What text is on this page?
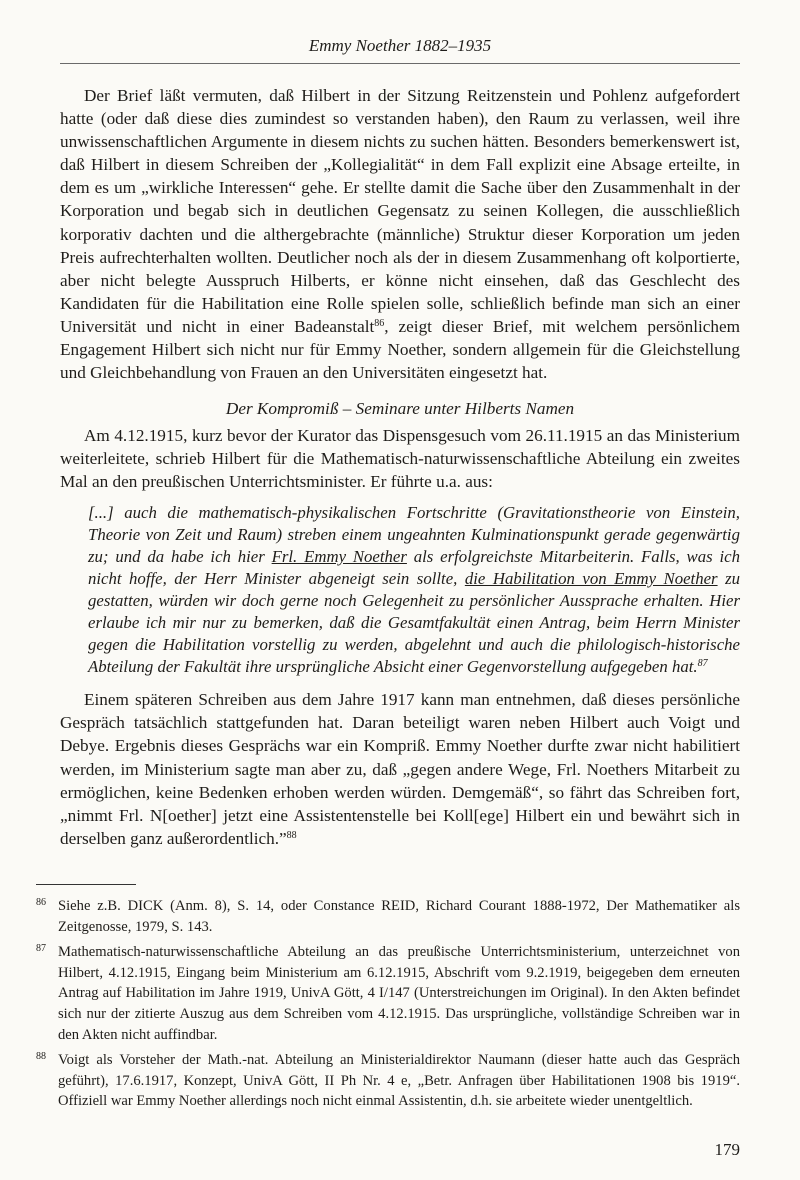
Emmy Noether 1882–1935

Der Brief läßt vermuten, daß Hilbert in der Sitzung Reitzenstein und Pohlenz aufgefordert hatte (oder daß diese dies zumindest so verstanden haben), den Raum zu verlassen, weil ihre unwissenschaftlichen Argumente in diesem nichts zu suchen hätten. Besonders bemerkenswert ist, daß Hilbert in diesem Schreiben der „Kollegialität“ in dem Fall explizit eine Absage erteilte, in dem es um „wirkliche Interessen“ gehe. Er stellte damit die Sache über den Zusammenhalt in der Korporation und begab sich in deutlichen Gegensatz zu seinen Kollegen, die ausschließlich korporativ dachten und die althergebrachte (männliche) Struktur dieser Korporation um jeden Preis aufrechterhalten wollten. Deutlicher noch als der in diesem Zusammenhang oft kolportierte, aber nicht belegte Ausspruch Hilberts, er könne nicht einsehen, daß das Geschlecht des Kandidaten für die Habilitation eine Rolle spielen solle, schließlich befinde man sich an einer Universität und nicht in einer Badeanstalt$^{86}$, zeigt dieser Brief, mit welchem persönlichem Engagement Hilbert sich nicht nur für Emmy Noether, sondern allgemein für die Gleichstellung und Gleichbehandlung von Frauen an den Universitäten eingesetzt hat.

Der Kompromiß – Seminare unter Hilberts Namen

Am 4.12.1915, kurz bevor der Kurator das Dispensgesuch vom 26.11.1915 an das Ministerium weiterleitete, schrieb Hilbert für die Mathematisch-naturwissenschaftliche Abteilung ein zweites Mal an den preußischen Unterrichtsminister. Er führte u.a. aus:

[...] auch die mathematisch-physikalischen Fortschritte (Gravitationstheorie von Einstein, Theorie von Zeit und Raum) streben einem ungeahnten Kulminationspunkt gerade gegenwärtig zu; und da habe ich hier Frl. Emmy Noether als erfolgreichste Mitarbeiterin. Falls, was ich nicht hoffe, der Herr Minister abgeneigt sein sollte, die Habilitation von Emmy Noether zu gestatten, würden wir doch gerne noch Gelegenheit zu persönlicher Aussprache erhalten. Hier erlaube ich mir nur zu bemerken, daß die Gesamtfakultät einen Antrag, beim Herrn Minister gegen die Habilitation vorstellig zu werden, abgelehnt und auch die philologisch-historische Abteilung der Fakultät ihre ursprüngliche Absicht einer Gegenvorstellung aufgegeben hat.$^{87}$

Einem späteren Schreiben aus dem Jahre 1917 kann man entnehmen, daß dieses persönliche Gespräch tatsächlich stattgefunden hat. Daran beteiligt waren neben Hilbert auch Voigt und Debye. Ergebnis dieses Gesprächs war ein Kompriß. Emmy Noether durfte zwar nicht habilitiert werden, im Ministerium sagte man aber zu, daß „gegen andere Wege, Frl. Noethers Mitarbeit zu ermöglichen, keine Bedenken erhoben werden würden. Demgemäß“, so fährt das Schreiben fort, „nimmt Frl. N[oether] jetzt eine Assistentenstelle bei Koll[ege] Hilbert ein und bewährt sich in derselben ganz außerordentlich.”$^{88}$

86 Siehe z.B. DICK (Anm. 8), S. 14, oder Constance REID, Richard Courant 1888-1972, Der Mathematiker als Zeitgenosse, 1979, S. 143.
87 Mathematisch-naturwissenschaftliche Abteilung an das preußische Unterrichtsministerium, unterzeichnet von Hilbert, 4.12.1915, Eingang beim Ministerium am 6.12.1915, Abschrift vom 9.2.1919, beigegeben dem erneuten Antrag auf Habilitation im Jahre 1919, UnivA Gött, 4 I/147 (Unterstreichungen im Original). In den Akten befindet sich nur der zitierte Auszug aus dem Schreiben vom 4.12.1915. Das ursprüngliche, vollständige Schreiben war in den Akten nicht auffindbar.
88 Voigt als Vorsteher der Math.-nat. Abteilung an Ministerialdirektor Naumann (dieser hatte auch das Gespräch geführt), 17.6.1917, Konzept, UnivA Gött, II Ph Nr. 4 e, „Betr. Anfragen über Habilitationen 1908 bis 1919“. Offiziell war Emmy Noether allerdings noch nicht einmal Assistentin, d.h. sie arbeitete wieder unentgeltlich.
179
